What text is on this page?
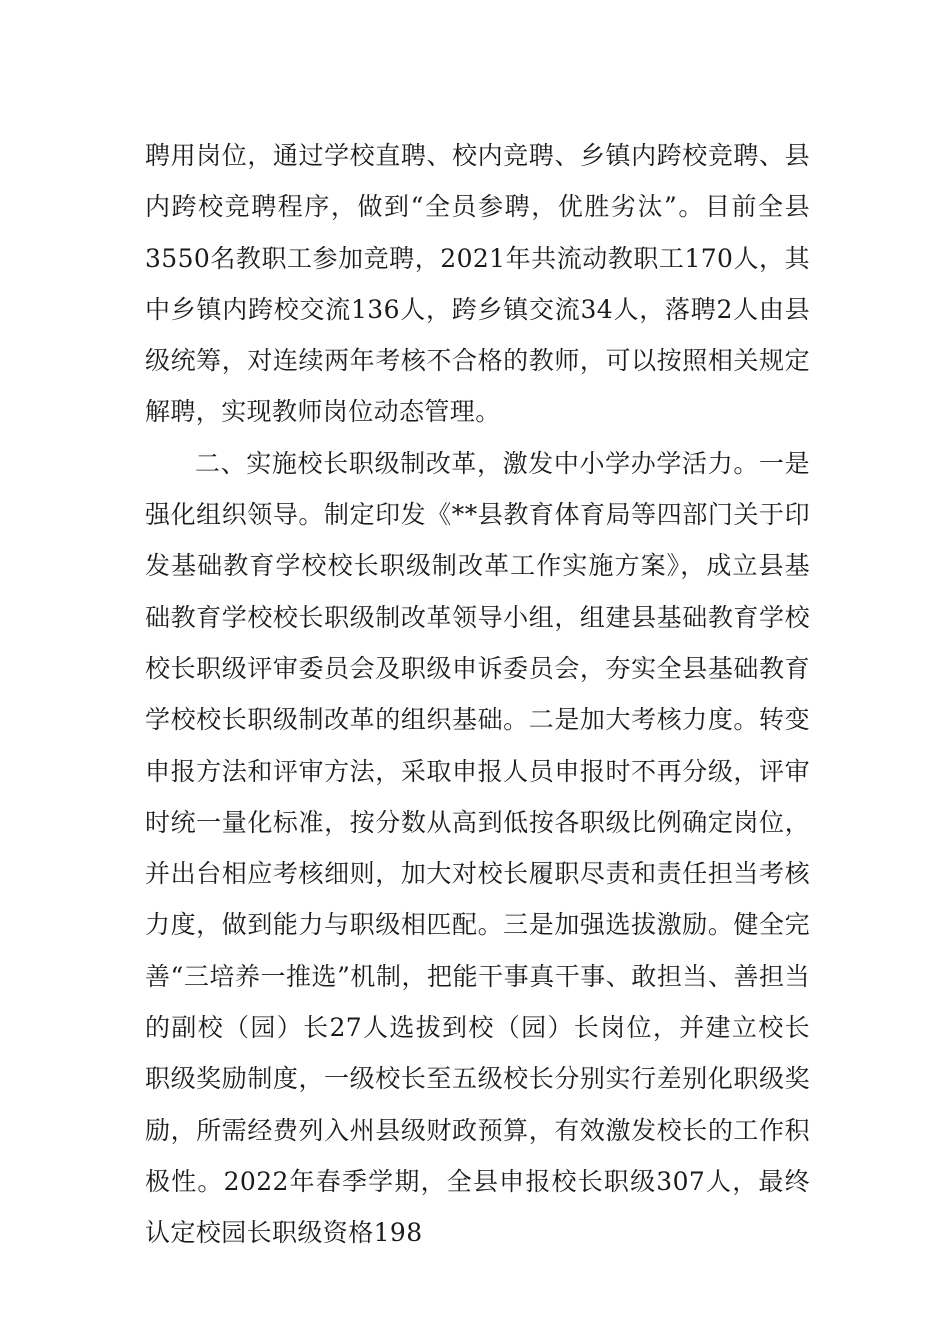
聘用岗位，通过学校直聘、校内竞聘、乡镇内跨校竞聘、县内跨校竞聘程序，做到“全员参聘，优胜劣汰”。目前全县3550名教职工参加竞聘，2021年共流动教职工170人，其中乡镇内跨校交流136人，跨乡镇交流34人，落聘2人由县级统筹，对连续两年考核不合格的教师，可以按照相关规定解聘，实现教师岗位动态管理。

二、实施校长职级制改革，激发中小学办学活力。一是强化组织领导。制定印发《**县教育体育局等四部门关于印发基础教育学校校长职级制改革工作实施方案》，成立县基础教育学校校长职级制改革领导小组，组建县基础教育学校校长职级评审委员会及职级申诉委员会，夯实全县基础教育学校校长职级制改革的组织基础。二是加大考核力度。转变申报方法和评审方法，采取申报人员申报时不再分级，评审时统一量化标准，按分数从高到低按各职级比例确定岗位，并出台相应考核细则，加大对校长履职尽责和责任担当考核力度，做到能力与职级相匹配。三是加强选拔激励。健全完善“三培养一推选”机制，把能干事真干事、敢担当、善担当的副校（园）长27人选拔到校（园）长岗位，并建立校长职级奖励制度，一级校长至五级校长分别实行差别化职级奖励，所需经费列入州县级财政预算，有效激发校长的工作积极性。2022年春季学期，全县申报校长职级307人，最终认定校园长职级资格198
